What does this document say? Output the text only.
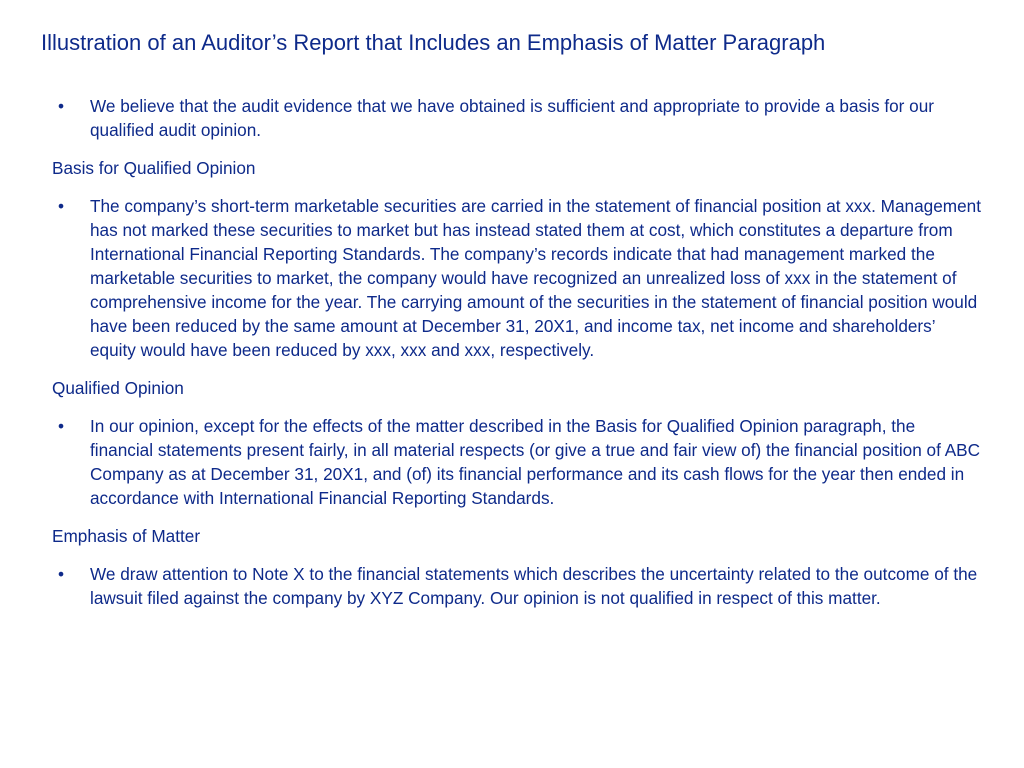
Illustration of an Auditor’s Report that Includes an Emphasis of Matter Paragraph
•	We believe that the audit evidence that we have obtained is sufficient and appropriate to provide a basis for our qualified audit opinion.
Basis for Qualified Opinion
•	The company’s short-term marketable securities are carried in the statement of financial position at xxx. Management has not marked these securities to market but has instead stated them at cost, which constitutes a departure from International Financial Reporting Standards. The company’s records indicate that had management marked the marketable securities to market, the company would have recognized an unrealized loss of xxx in the statement of comprehensive income for the year. The carrying amount of the securities in the statement of financial position would have been reduced by the same amount at December 31, 20X1, and income tax, net income and shareholders’ equity would have been reduced by xxx, xxx and xxx, respectively.
Qualified Opinion
•	In our opinion, except for the effects of the matter described in the Basis for Qualified Opinion paragraph, the financial statements present fairly, in all material respects (or give a true and fair view of) the financial position of ABC Company as at December 31, 20X1, and (of) its financial performance and its cash flows for the year then ended in accordance with International Financial Reporting Standards.
Emphasis of Matter
•	We draw attention to Note X to the financial statements which describes the uncertainty related to the outcome of the lawsuit filed against the company by XYZ Company. Our opinion is not qualified in respect of this matter.
